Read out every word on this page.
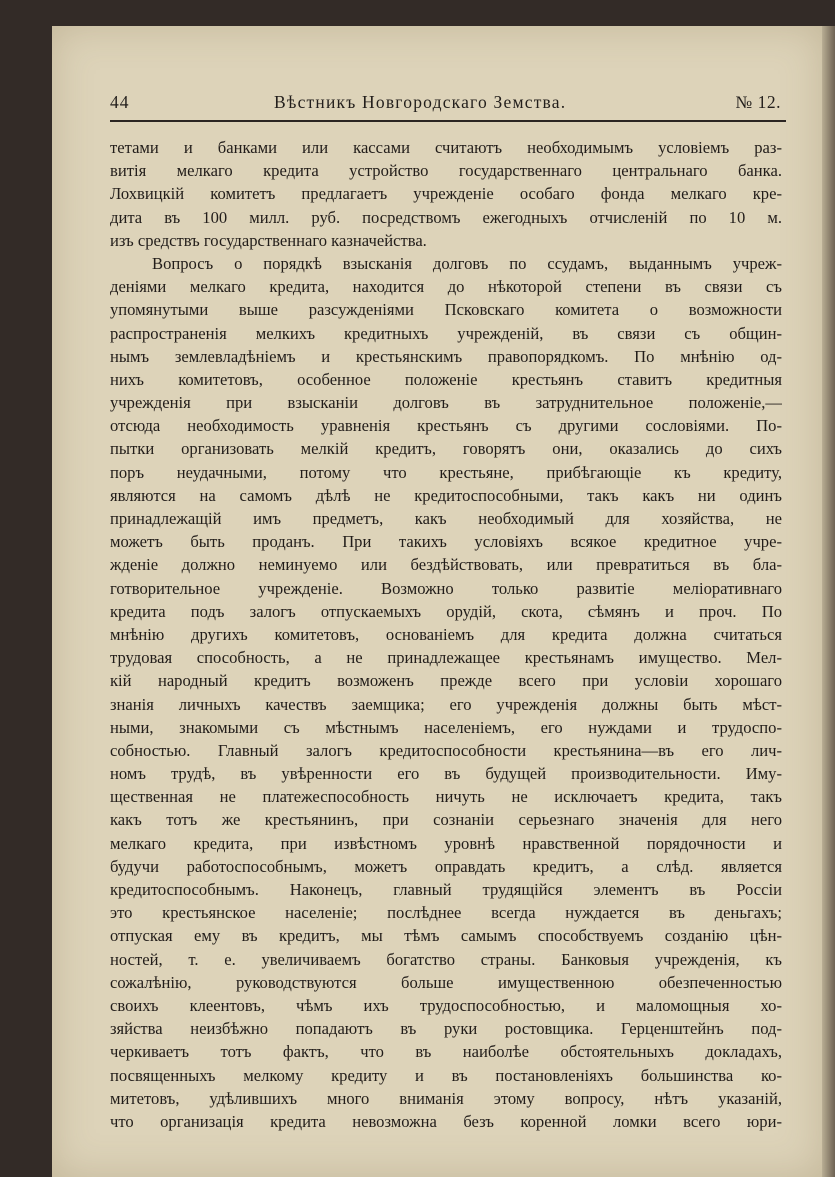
44	Вѣстникъ Новгородскаго Земства.	№ 12.
тетами и банками или кассами считаютъ необходимымъ условіемъ раз-
витія мелкаго кредита устройство государственнаго центральнаго банка.
Лохвицкій комитетъ предлагаетъ учрежденіе особаго фонда мелкаго кре-
дита въ 100 милл. руб. посредствомъ ежегодныхъ отчисленій по 10 м.
изъ средствъ государственнаго казначейства.
Вопросъ о порядкѣ взысканія долговъ по ссудамъ, выданнымъ учреж-
деніями мелкаго кредита, находится до нѣкоторой степени въ связи съ
упомянутыми выше разсужденіями Псковскаго комитета о возможности
распространенія мелкихъ кредитныхъ учрежденій, въ связи съ общин-
нымъ землевладѣніемъ и крестьянскимъ правопорядкомъ. По мнѣнію од-
нихъ комитетовъ, особенное положеніе крестьянъ ставитъ кредитныя
учрежденія при взысканіи долговъ въ затруднительное положеніе,—
отсюда необходимость уравненія крестьянъ съ другими сословіями. По-
пытки организовать мелкій кредитъ, говорятъ они, оказались до сихъ
поръ неудачными, потому что крестьяне, прибѣгающіе къ кредиту,
являются на самомъ дѣлѣ не кредитоспособными, такъ какъ ни одинъ
принадлежащій имъ предметъ, какъ необходимый для хозяйства, не
можетъ быть проданъ. При такихъ условіяхъ всякое кредитное учре-
жденіе должно неминуемо или бездѣйствовать, или превратиться въ бла-
готворительное учрежденіе. Возможно только развитіе меліоративнаго
кредита подъ залогъ отпускаемыхъ орудій, скота, сѣмянъ и проч. По
мнѣнію другихъ комитетовъ, основаніемъ для кредита должна считаться
трудовая способность, а не принадлежащее крестьянамъ имущество. Мел-
кій народный кредитъ возможенъ прежде всего при условіи хорошаго
знанія личныхъ качествъ заемщика; его учрежденія должны быть мѣст-
ными, знакомыми съ мѣстнымъ населеніемъ, его нуждами и трудоспо-
собностью. Главный залогъ кредитоспособности крестьянина—въ его лич-
номъ трудѣ, въ увѣренности его въ будущей производительности. Иму-
щественная не платежеспособность ничуть не исключаетъ кредита, такъ
какъ тотъ же крестьянинъ, при сознаніи серьезнаго значенія для него
мелкаго кредита, при извѣстномъ уровнѣ нравственной порядочности и
будучи работоспособнымъ, можетъ оправдать кредитъ, а слѣд. является
кредитоспособнымъ. Наконецъ, главный трудящійся элементъ въ Россіи
это крестьянское населеніе; послѣднее всегда нуждается въ деньгахъ;
отпуская ему въ кредитъ, мы тѣмъ самымъ способствуемъ созданію цѣн-
ностей, т. е. увеличиваемъ богатство страны. Банковыя учрежденія, къ
сожалѣнію, руководствуются больше имущественною обезпеченностью
своихъ клеентовъ, чѣмъ ихъ трудоспособностью, и маломощныя хо-
зяйства неизбѣжно попадаютъ въ руки ростовщика. Герценштейнъ под-
черкиваетъ тотъ фактъ, что въ наиболѣе обстоятельныхъ докладахъ,
посвященныхъ мелкому кредиту и въ постановленіяхъ большинства ко-
митетовъ, удѣлившихъ много вниманія этому вопросу, нѣтъ указаній,
что организація кредита невозможна безъ коренной ломки всего юри-
